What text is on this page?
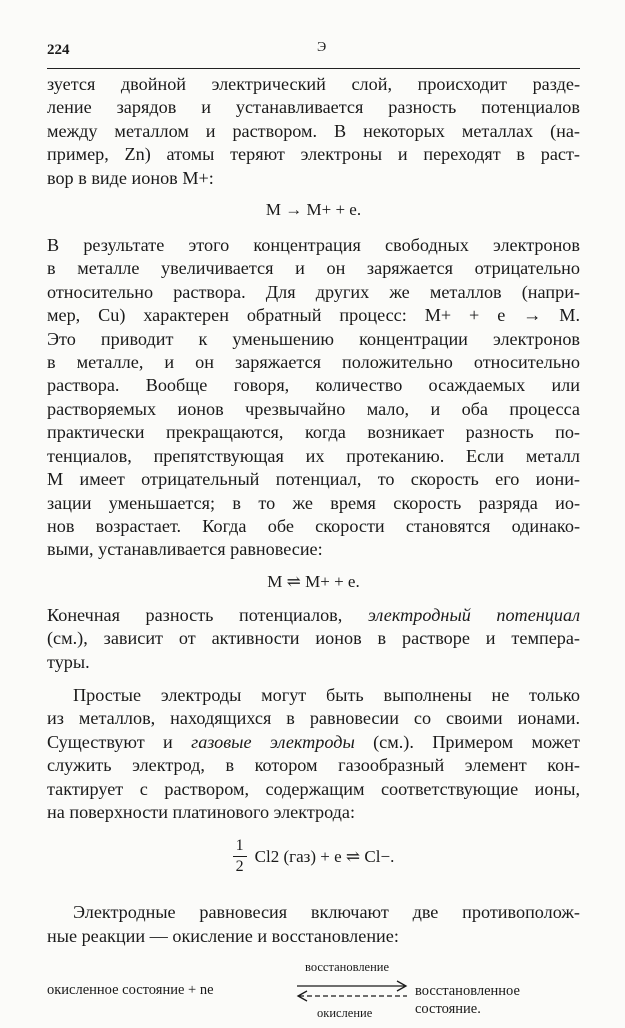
224	Э
зуется двойной электрический слой, происходит разде-
ление зарядов и устанавливается разность потенциалов
между металлом и раствором. В некоторых металлах (на-
пример, Zn) атомы теряют электроны и переходят в раст-
вор в виде ионов M+:
M → M+ + e.
В результате этого концентрация свободных электронов
в металле увеличивается и он заряжается отрицательно
относительно раствора. Для других же металлов (напри-
мер, Cu) характерен обратный процесс: M+ + e → M.
Это приводит к уменьшению концентрации электронов
в металле, и он заряжается положительно относительно
раствора. Вообще говоря, количество осаждаемых или
растворяемых ионов чрезвычайно мало, и оба процесса
практически прекращаются, когда возникает разность по-
тенциалов, препятствующая их протеканию. Если металл
M имеет отрицательный потенциал, то скорость его иони-
зации уменьшается; в то же время скорость разряда ио-
нов возрастает. Когда обе скорости становятся одинако-
выми, устанавливается равновесие:
M ⇌ M+ + e.
Конечная разность потенциалов, электродный потенциал
(см.), зависит от активности ионов в растворе и темпера-
туры.
Простые электроды могут быть выполнены не только
из металлов, находящихся в равновесии со своими ионами.
Существуют и газовые электроды (см.). Примером может
служить электрод, в котором газообразный элемент кон-
тактирует с раствором, содержащим соответствующие ионы,
на поверхности платинового электрода:
$\frac{1}{2} Cl2$ (газ) + e ⇌ Cl−.
Электродные равновесия включают две противополож-
ные реакции — окисление и восстановление:
восстановление
окисленное состояние + ne
окисление
восстановленное
состояние.
